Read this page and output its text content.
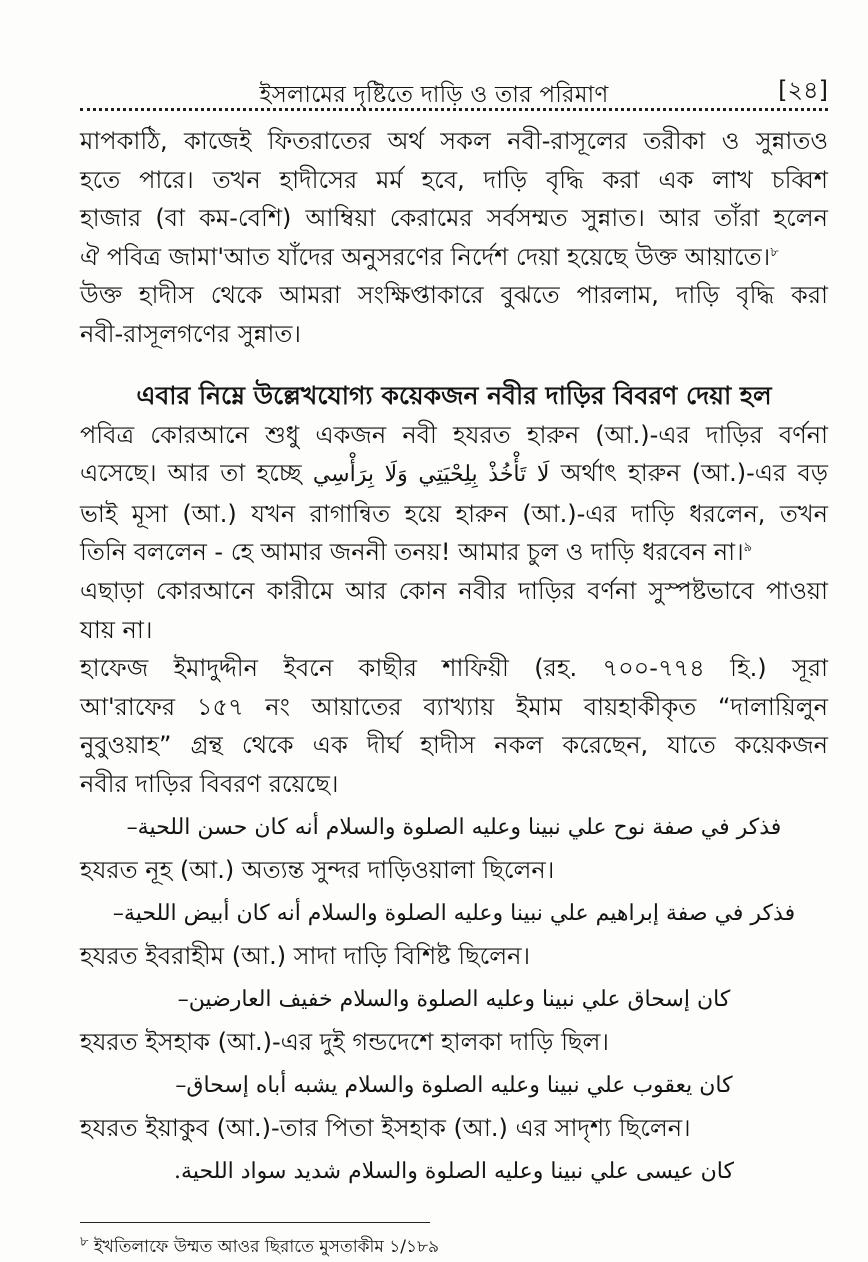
ইসলামের দৃষ্টিতে দাড়ি ও তার পরিমাণ	[২৪]
মাপকাঠি, কাজেই ফিতরাতের অর্থ সকল নবী-রাসূলের তরীকা ও সুন্নাতও
হতে পারে। তখন হাদীসের মর্ম হবে, দাড়ি বৃদ্ধি করা এক লাখ চব্বিশ
হাজার (বা কম-বেশি) আম্বিয়া কেরামের সর্বসম্মত সুন্নাত। আর তাঁরা হলেন
ঐ পবিত্র জামা'আত যাঁদের অনুসরণের নির্দেশ দেয়া হয়েছে উক্ত আয়াতে।$^৮$
উক্ত হাদীস থেকে আমরা সংক্ষিপ্তাকারে বুঝতে পারলাম, দাড়ি বৃদ্ধি করা
নবী-রাসূলগণের সুন্নাত।
এবার নিম্নে উল্লেখযোগ্য কয়েকজন নবীর দাড়ির বিবরণ দেয়া হল
পবিত্র কোরআনে শুধু একজন নবী হযরত হারুন (আ.)-এর দাড়ির বর্ণনা
এসেছে। আর তা হচ্ছে لَا تَأْخُذْ بِلِحْيَتِي وَلَا بِرَأْسِي অর্থাৎ হারুন (আ.)-এর বড়
ভাই মূসা (আ.) যখন রাগান্বিত হয়ে হারুন (আ.)-এর দাড়ি ধরলেন, তখন
তিনি বললেন - হে আমার জননী তনয়! আমার চুল ও দাড়ি ধরবেন না।$^৯$
এছাড়া কোরআনে কারীমে আর কোন নবীর দাড়ির বর্ণনা সুস্পষ্টভাবে পাওয়া
যায় না।
হাফেজ ইমাদুদ্দীন ইবনে কাছীর শাফিয়ী (রহ. ৭০০-৭৭৪ হি.) সূরা
আ'রাফের ১৫৭ নং আয়াতের ব্যাখ্যায় ইমাম বায়হাকীকৃত “দালায়িলুন
নুবুওয়াহ” গ্রন্থ থেকে এক দীর্ঘ হাদীস নকল করেছেন, যাতে কয়েকজন
নবীর দাড়ির বিবরণ রয়েছে।

فذكر في صفة نوح علي نبينا وعليه الصلوة والسلام أنه كان حسن اللحية–

হযরত নূহ (আ.) অত্যন্ত সুন্দর দাড়িওয়ালা ছিলেন।

فذكر في صفة إبراهيم علي نبينا وعليه الصلوة والسلام أنه كان أبيض اللحية–

হযরত ইবরাহীম (আ.) সাদা দাড়ি বিশিষ্ট ছিলেন।

كان إسحاق علي نبينا وعليه الصلوة والسلام خفيف العارضين–

হযরত ইসহাক (আ.)-এর দুই গন্ডদেশে হালকা দাড়ি ছিল।

كان يعقوب علي نبينا وعليه الصلوة والسلام يشبه أباه إسحاق–

হযরত ইয়াকুব (আ.)-তার পিতা ইসহাক (আ.) এর সাদৃশ্য ছিলেন।

كان عيسى علي نبينا وعليه الصلوة والسلام شديد سواد اللحية.

$^৮$ ইখতিলাফে উম্মত আওর ছিরাতে মুসতাকীম ১/১৮৯
